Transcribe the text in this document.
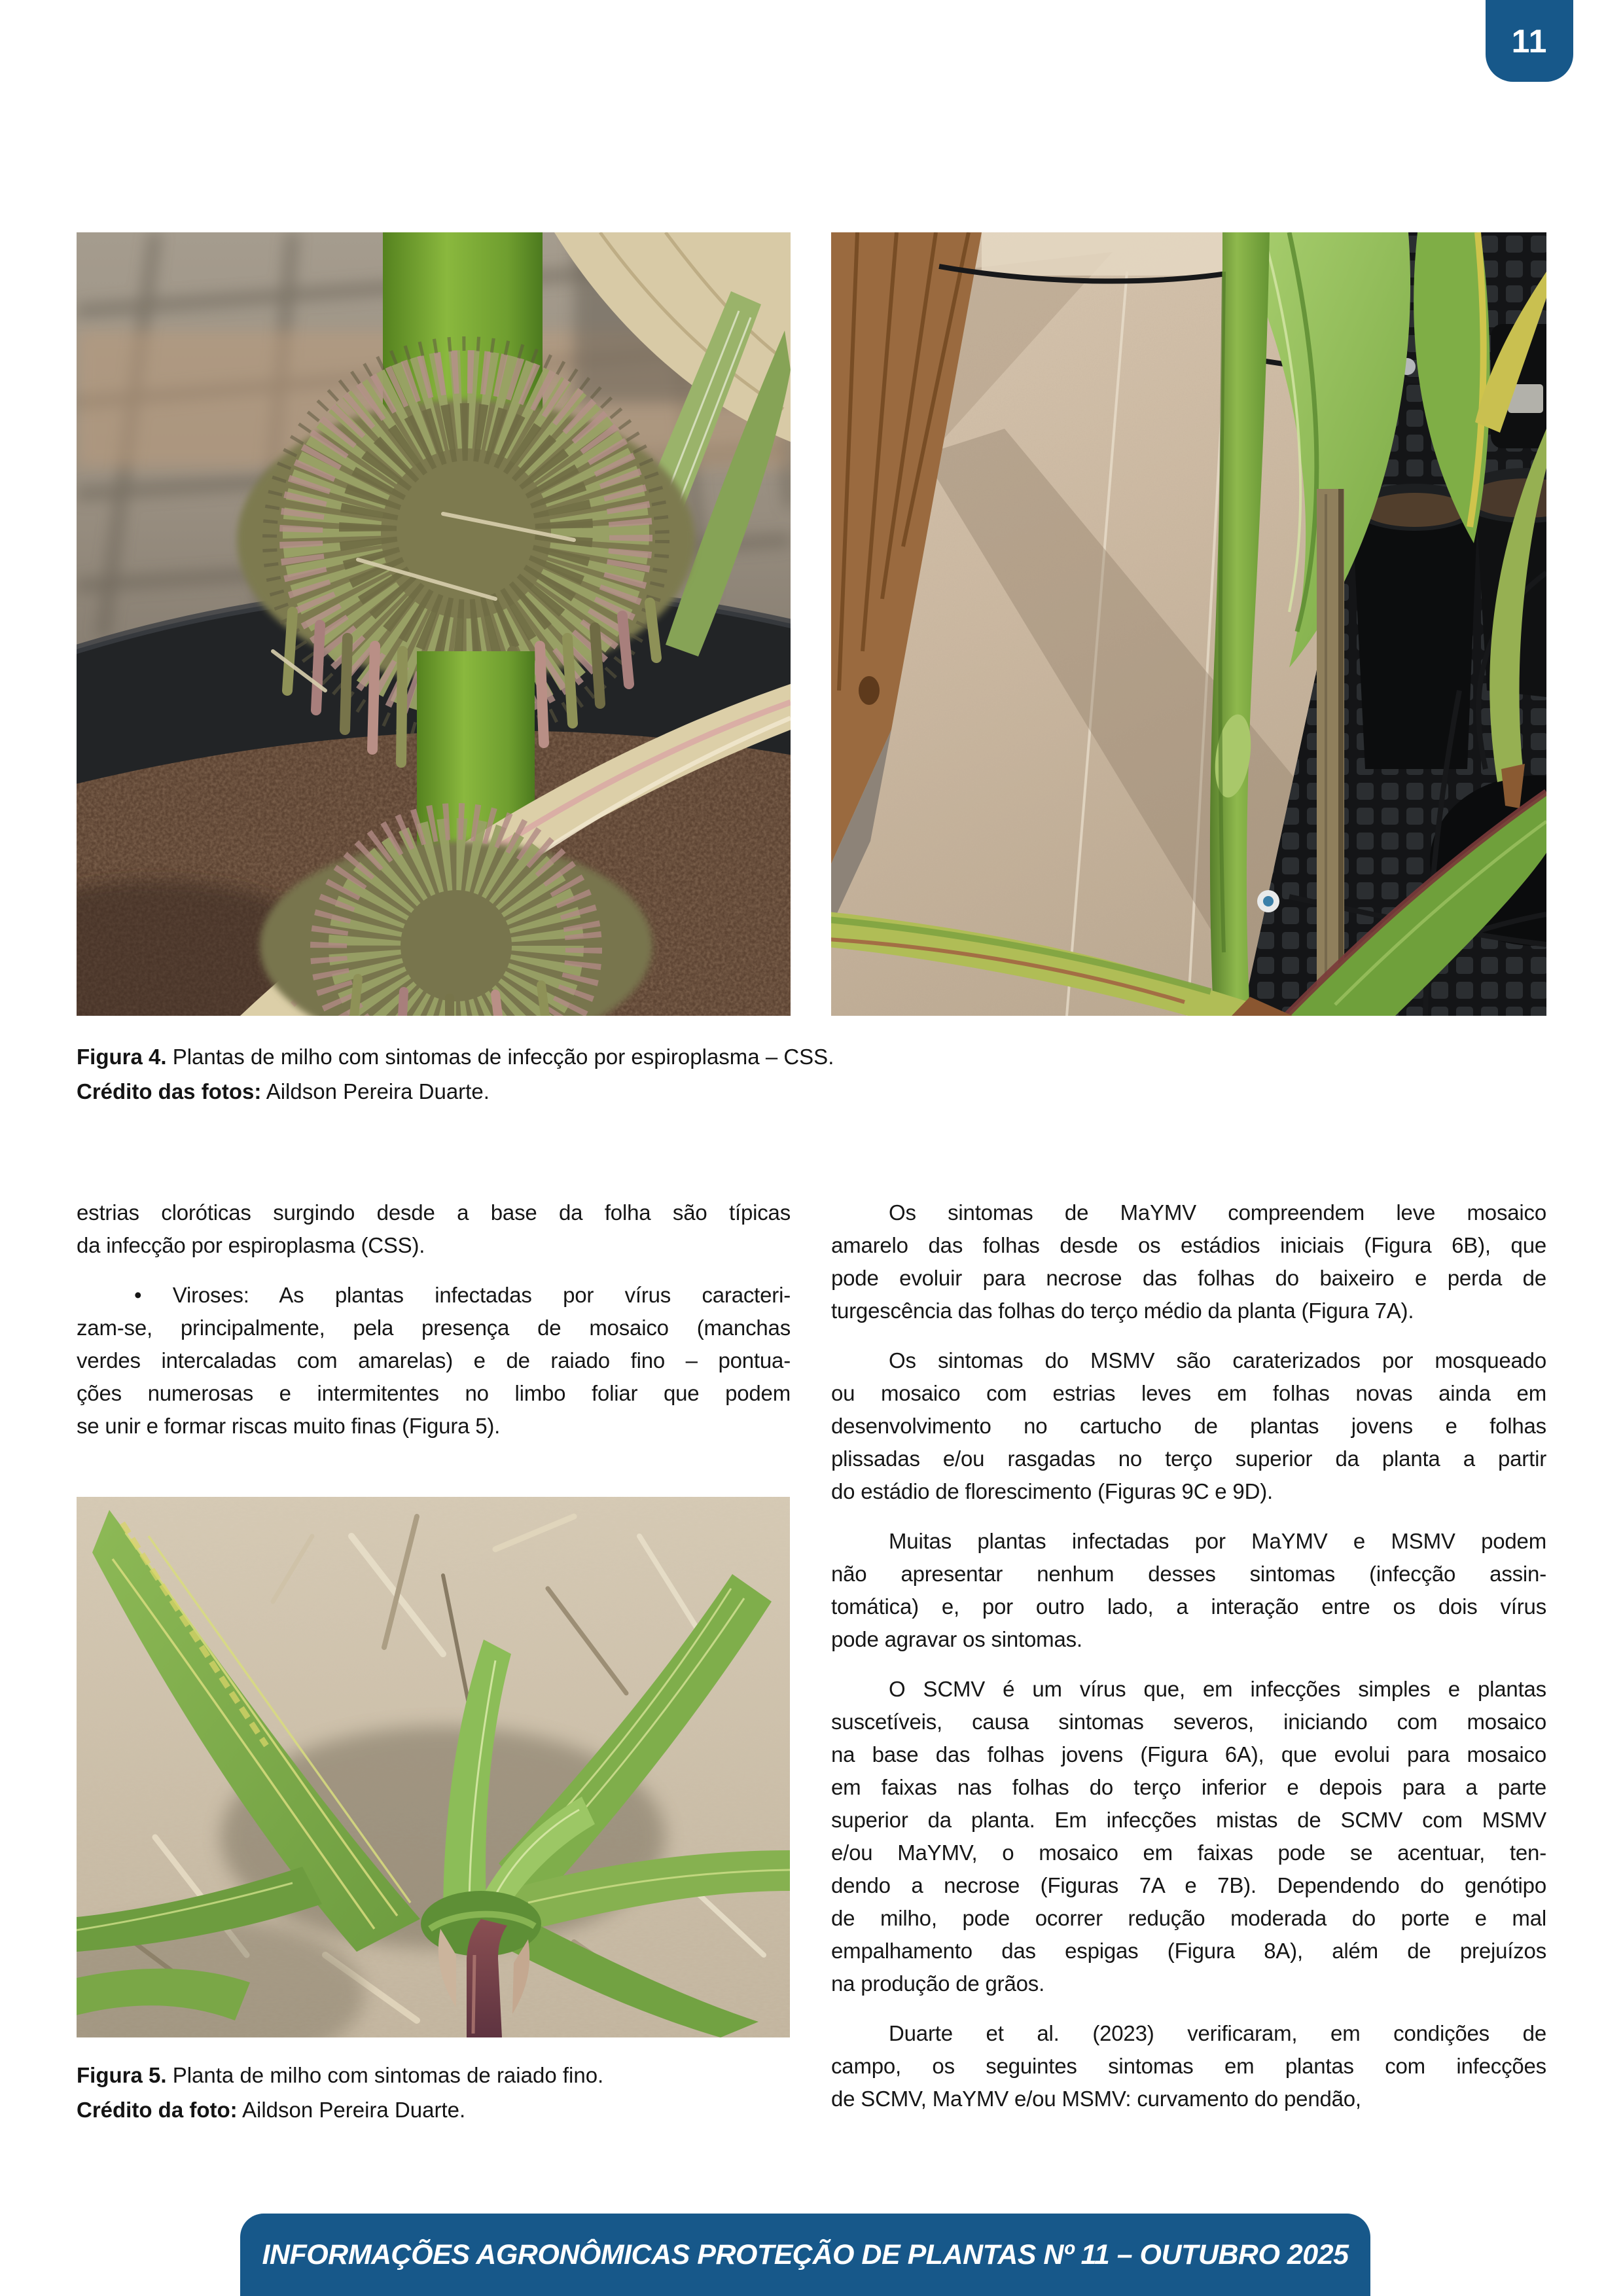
11
Figura 4. Plantas de milho com sintomas de infecção por espiroplasma – CSS.
Crédito das fotos: Aildson Pereira Duarte.
estrias cloróticas surgindo desde a base da folha são típicas
da infecção por espiroplasma (CSS).
• Viroses: As plantas infectadas por vírus caracteri-
zam-se, principalmente, pela presença de mosaico (manchas
verdes intercaladas com amarelas) e de raiado fino – pontua-
ções numerosas e intermitentes no limbo foliar que podem
se unir e formar riscas muito finas (Figura 5).
Os sintomas de MaYMV compreendem leve mosaico
amarelo das folhas desde os estádios iniciais (Figura 6B), que
pode evoluir para necrose das folhas do baixeiro e perda de
turgescência das folhas do terço médio da planta (Figura 7A).
Os sintomas do MSMV são caraterizados por mosqueado
ou mosaico com estrias leves em folhas novas ainda em
desenvolvimento no cartucho de plantas jovens e folhas
plissadas e/ou rasgadas no terço superior da planta a partir
do estádio de florescimento (Figuras 9C e 9D).
Muitas plantas infectadas por MaYMV e MSMV podem
não apresentar nenhum desses sintomas (infecção assin-
tomática) e, por outro lado, a interação entre os dois vírus
pode agravar os sintomas.
O SCMV é um vírus que, em infecções simples e plantas
suscetíveis, causa sintomas severos, iniciando com mosaico
na base das folhas jovens (Figura 6A), que evolui para mosaico
em faixas nas folhas do terço inferior e depois para a parte
superior da planta. Em infecções mistas de SCMV com MSMV
e/ou MaYMV, o mosaico em faixas pode se acentuar, ten-
dendo a necrose (Figuras 7A e 7B). Dependendo do genótipo
de milho, pode ocorrer redução moderada do porte e mal
empalhamento das espigas (Figura 8A), além de prejuízos
na produção de grãos.
Duarte et al. (2023) verificaram, em condições de
campo, os seguintes sintomas em plantas com infecções
de SCMV, MaYMV e/ou MSMV: curvamento do pendão,
Figura 5. Planta de milho com sintomas de raiado fino.
Crédito da foto: Aildson Pereira Duarte.
INFORMAÇÕES AGRONÔMICAS PROTEÇÃO DE PLANTAS Nº 11 – OUTUBRO 2025
